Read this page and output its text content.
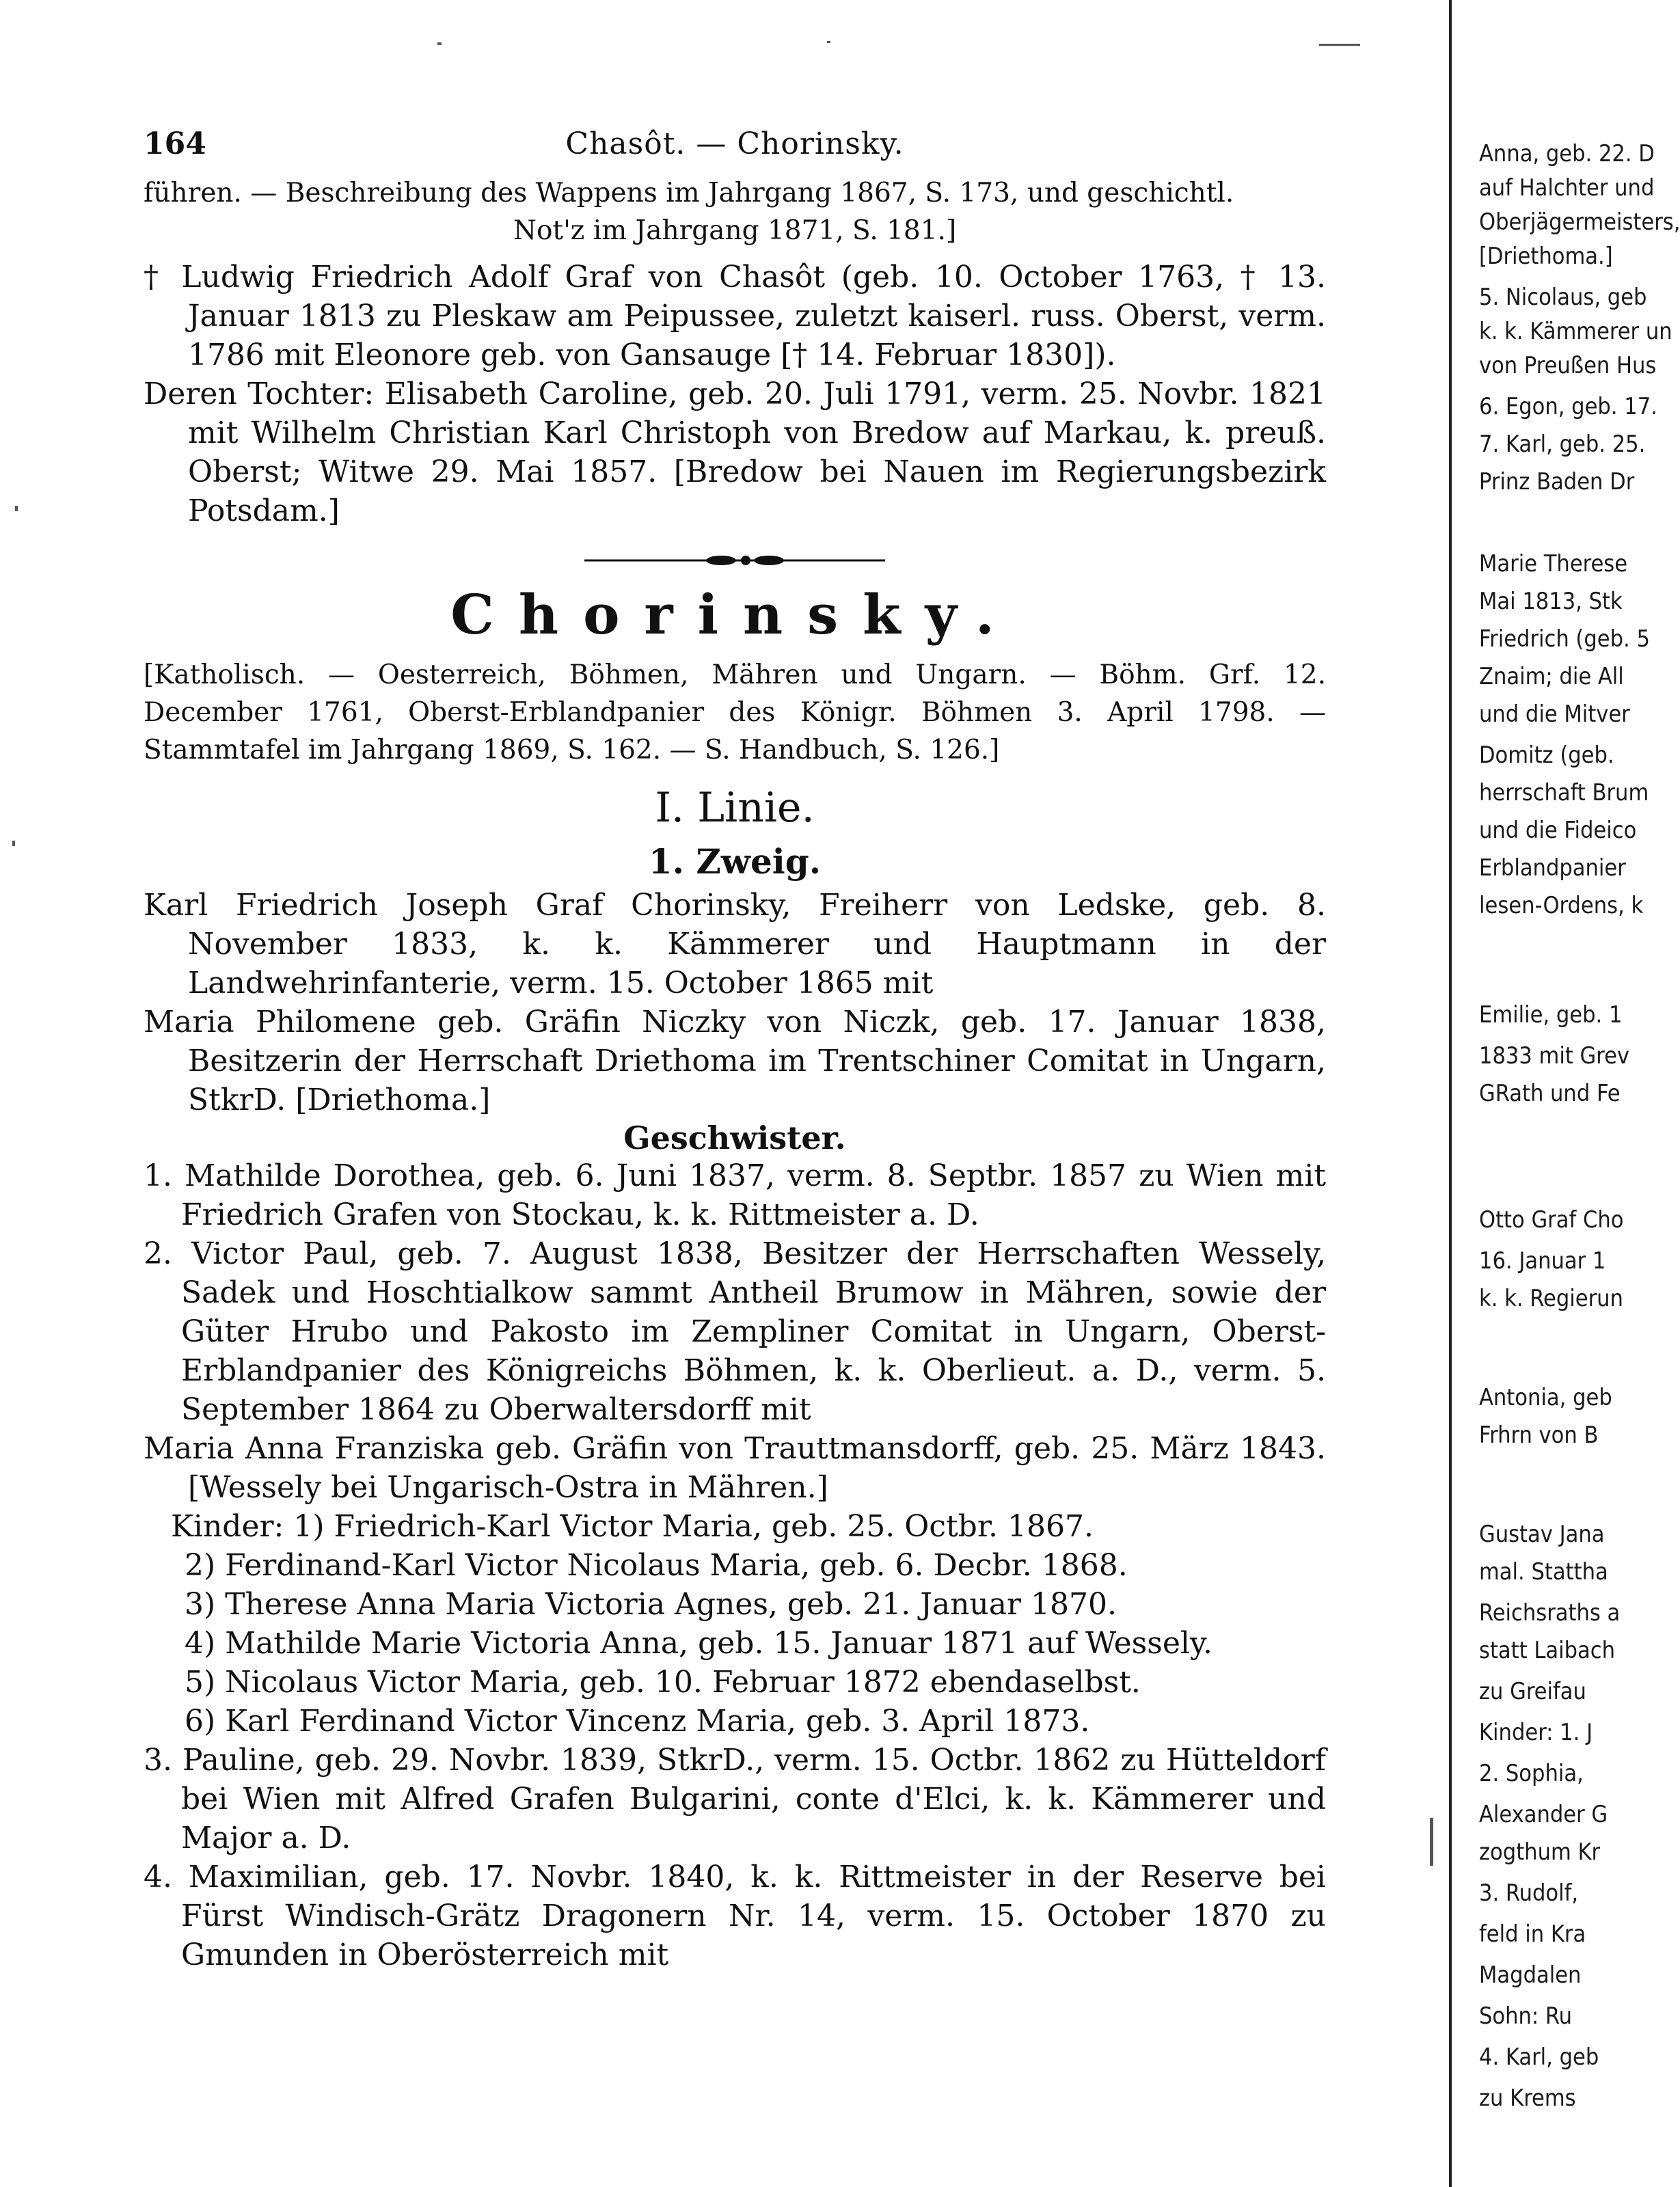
164	Chasôt. — Chorinsky.
führen. — Beschreibung des Wappens im Jahrgang 1867, S. 173, und geschichtl.
Not'z im Jahrgang 1871, S. 181.]
† Ludwig Friedrich Adolf Graf von Chasôt (geb. 10. October 1763, † 13. Januar 1813 zu Pleskaw am Peipussee, zuletzt kaiserl. russ. Oberst, verm. 1786 mit Eleonore geb. von Gansauge [† 14. Februar 1830]).
Deren Tochter: Elisabeth Caroline, geb. 20. Juli 1791, verm. 25. Novbr. 1821 mit Wilhelm Christian Karl Christoph von Bredow auf Markau, k. preuß. Oberst; Witwe 29. Mai 1857. [Bredow bei Nauen im Regierungsbezirk Potsdam.]
Chorinsky.
[Katholisch. — Oesterreich, Böhmen, Mähren und Ungarn. — Böhm. Grf. 12. December 1761, Oberst-Erblandpanier des Königr. Böhmen 3. April 1798. — Stammtafel im Jahrgang 1869, S. 162. — S. Handbuch, S. 126.]
I. Linie.
1. Zweig.
Karl Friedrich Joseph Graf Chorinsky, Freiherr von Ledske, geb. 8. November 1833, k. k. Kämmerer und Hauptmann in der Landwehrinfanterie, verm. 15. October 1865 mit
Maria Philomene geb. Gräfin Niczky von Niczk, geb. 17. Januar 1838, Besitzerin der Herrschaft Driethoma im Trentschiner Comitat in Ungarn, StkrD. [Driethoma.]
Geschwister.
1. Mathilde Dorothea, geb. 6. Juni 1837, verm. 8. Septbr. 1857 zu Wien mit Friedrich Grafen von Stockau, k. k. Rittmeister a. D.
2. Victor Paul, geb. 7. August 1838, Besitzer der Herrschaften Wessely, Sadek und Hoschtialkow sammt Antheil Brumow in Mähren, sowie der Güter Hrubo und Pakosto im Zempliner Comitat in Ungarn, Oberst-Erblandpanier des Königreichs Böhmen, k. k. Oberlieut. a. D., verm. 5. September 1864 zu Oberwaltersdorff mit
Maria Anna Franziska geb. Gräfin von Trauttmansdorff, geb. 25. März 1843. [Wessely bei Ungarisch-Ostra in Mähren.]
Kinder: 1) Friedrich-Karl Victor Maria, geb. 25. Octbr. 1867.
2) Ferdinand-Karl Victor Nicolaus Maria, geb. 6. Decbr. 1868.
3) Therese Anna Maria Victoria Agnes, geb. 21. Januar 1870.
4) Mathilde Marie Victoria Anna, geb. 15. Januar 1871 auf Wessely.
5) Nicolaus Victor Maria, geb. 10. Februar 1872 ebendaselbst.
6) Karl Ferdinand Victor Vincenz Maria, geb. 3. April 1873.
3. Pauline, geb. 29. Novbr. 1839, StkrD., verm. 15. Octbr. 1862 zu Hütteldorf bei Wien mit Alfred Grafen Bulgarini, conte d'Elci, k. k. Kämmerer und Major a. D.
4. Maximilian, geb. 17. Novbr. 1840, k. k. Rittmeister in der Reserve bei Fürst Windisch-Grätz Dragonern Nr. 14, verm. 15. October 1870 zu Gmunden in Oberösterreich mit
Anna, geb. 22. D
auf Halchter und
Oberjägermeisters,
[Driethoma.]
5. Nicolaus, geb
k. k. Kämmerer un
von Preußen Hus
6. Egon, geb. 17.
7. Karl, geb. 25.
Prinz Baden Dr
Marie Therese
Mai 1813, Stk
Friedrich (geb. 5
Znaim; die All
und die Mitver
Domitz (geb.
herrschaft Brum
und die Fideico
Erblandpanier
lesen-Ordens, k
Emilie, geb. 1
1833 mit Grev
GRath und Fe
Otto Graf Cho
16. Januar 1
k. k. Regierun
Antonia, geb
Frhrn von B
Gustav Jana
mal. Stattha
Reichsraths a
statt Laibach
zu Greifau
Kinder: 1. J
2. Sophia,
Alexander G
zogthum Kr
3. Rudolf,
feld in Kra
Magdalen
Sohn: Ru
4. Karl, geb
zu Krems
